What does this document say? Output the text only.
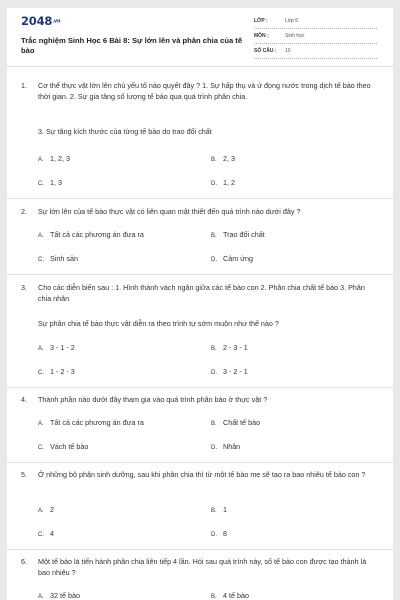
2048.vn
Trắc nghiệm Sinh Học 6 Bài 8: Sự lớn lên và phân chia của tế bào
LỚP :	Lớp 6
MÔN :	Sinh học
SỐ CÂU : 10
1. Cơ thể thực vật lớn lên chủ yếu tố nào quyết đây ? 1. Sự hấp thụ và ứ đọng nước trong dịch tế bào theo thời gian. 2. Sự gia tăng số lượng tế bào qua quá trình phân chia.
3. Sự tăng kích thước của từng tế bào do trao đổi chất
A. 1, 2, 3	B. 2, 3
C. 1, 3	D. 1, 2
2. Sự lớn lên của tế bào thực vật có liên quan mật thiết đến quá trình nào dưới đây ?
A. Tất cả các phương án đưa ra	B. Trao đổi chất
C. Sinh sản	D. Cảm ứng
3. Cho các diễn biến sau : 1. Hình thành vách ngăn giữa các tế bào con 2. Phân chia chất tế bào 3. Phân chia nhân
Sự phân chia tế bào thực vật diễn ra theo trình tự sớm muộn như thế nào ?
A. 3 - 1 - 2	B. 2 - 3 - 1
C. 1 - 2 - 3	D. 3 - 2 - 1
4. Thành phần nào dưới đây tham gia vào quá trình phân bào ở thực vật ?
A. Tất cả các phương án đưa ra	B. Chất tế bào
C. Vách tế bào	D. Nhân
5. Ở những bộ phận sinh dưỡng, sau khi phân chia thì từ một tế bào mẹ sẽ tạo ra bao nhiêu tế bào con ?
A. 2	B. 1
C. 4	D. 8
6. Một tế bào lá tiến hành phân chia liên tiếp 4 lần. Hỏi sau quá trình này, số tế bào con được tạo thành là bao nhiêu ?
A. 32 tế bào	B. 4 tế bào
